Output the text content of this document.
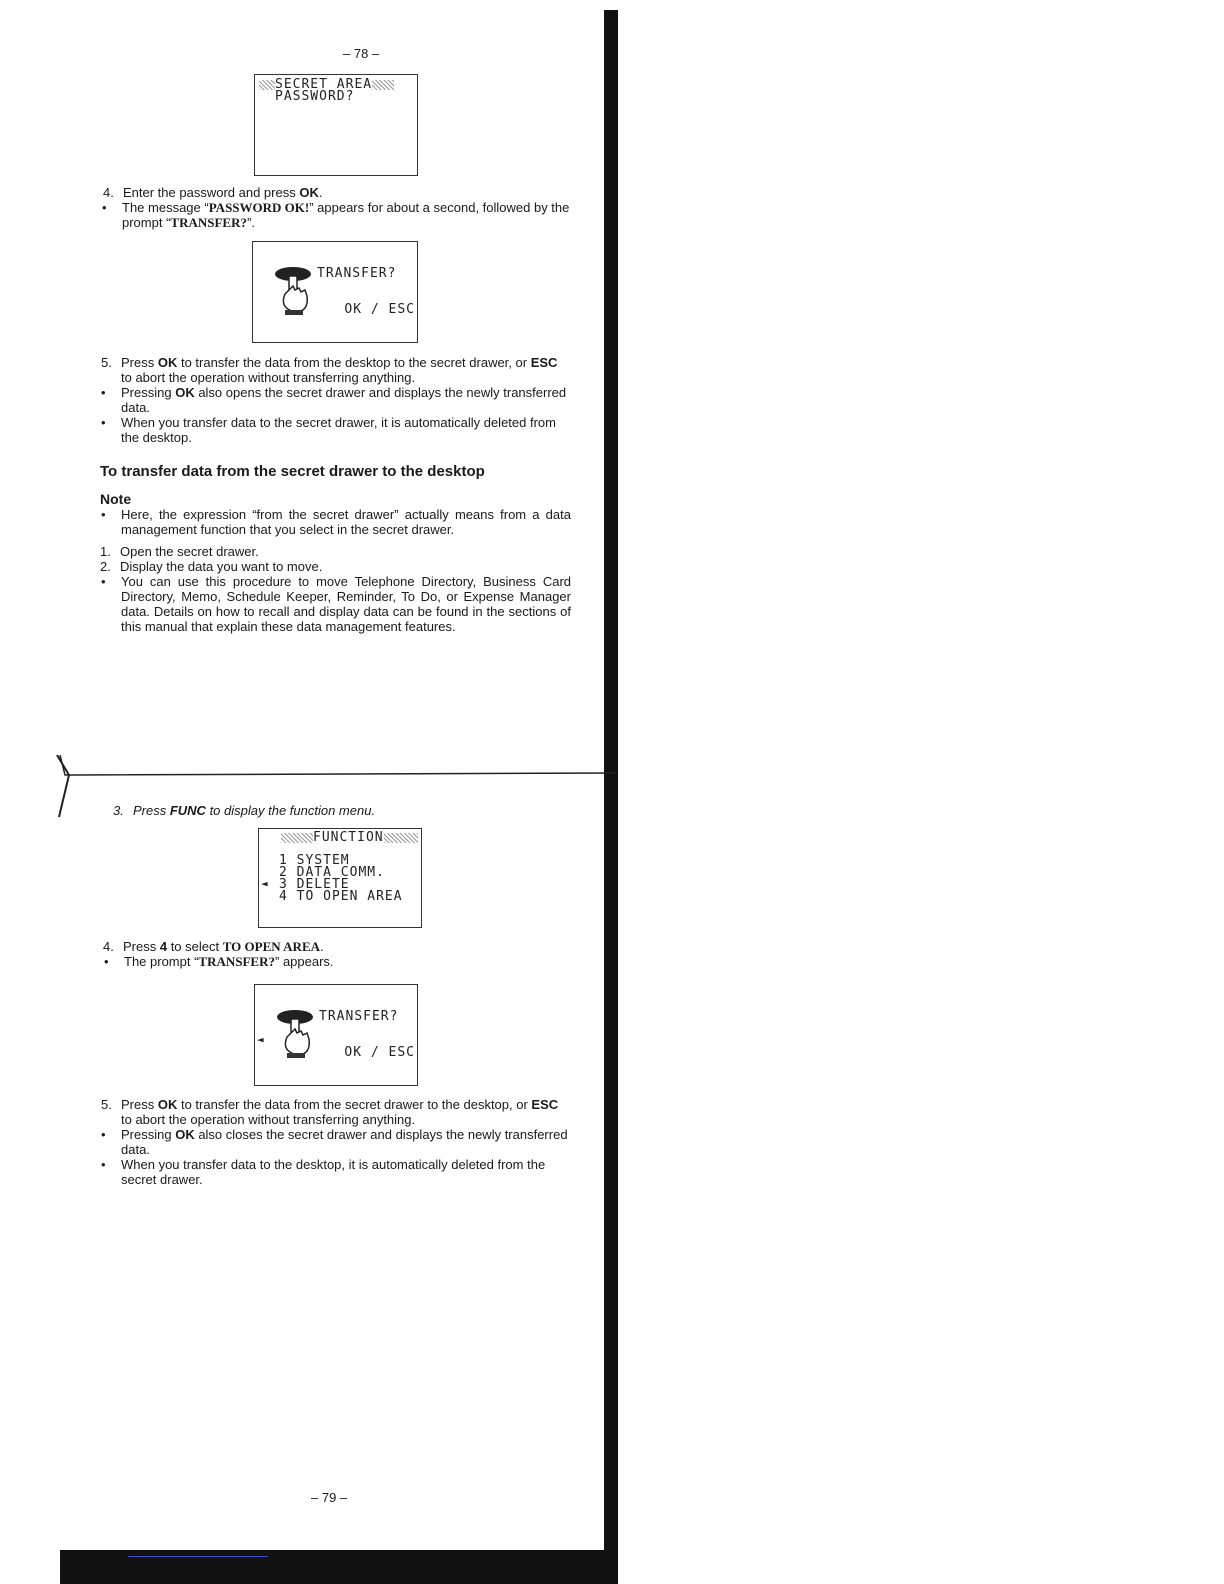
– 78 –
SECRET AREA
PASSWORD?
4. Enter the password and press OK.
•	The message “PASSWORD OK!” appears for about a second, followed by the prompt “TRANSFER?”.
TRANSFER?
OK / ESC
5. Press OK to transfer the data from the desktop to the secret drawer, or ESC to abort the operation without transferring anything.
•	Pressing OK also opens the secret drawer and displays the newly transferred data.
•	When you transfer data to the secret drawer, it is automatically deleted from the desktop.
To transfer data from the secret drawer to the desktop
Note
•	Here, the expression “from the secret drawer” actually means from a data management function that you select in the secret drawer.
1. Open the secret drawer.
2. Display the data you want to move.
•	You can use this procedure to move Telephone Directory, Business Card Directory, Memo, Schedule Keeper, Reminder, To Do, or Expense Manager data. Details on how to recall and display data can be found in the sections of this manual that explain these data management features.
3. Press FUNC to display the function menu.
FUNCTION
1 SYSTEM
2 DATA COMM.
3 DELETE
4 TO OPEN AREA
◄
4. Press 4 to select TO OPEN AREA.
•	The prompt “TRANSFER?” appears.
◄
TRANSFER?
OK / ESC
5. Press OK to transfer the data from the secret drawer to the desktop, or ESC to abort the operation without transferring anything.
•	Pressing OK also closes the secret drawer and displays the newly transferred data.
•	When you transfer data to the desktop, it is automatically deleted from the secret drawer.
– 79 –
